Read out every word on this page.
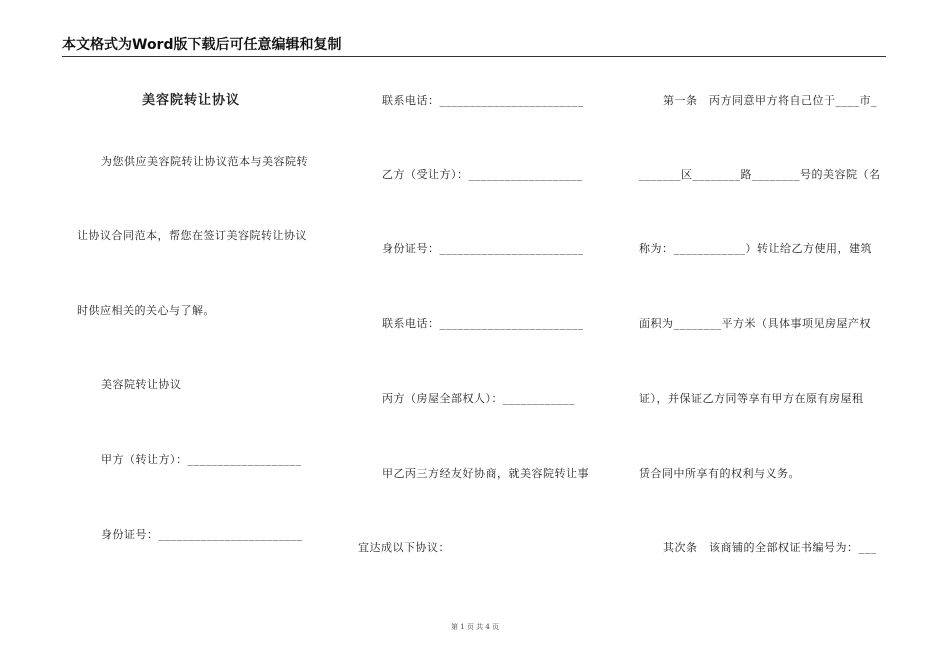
本文格式为Word版下载后可任意编辑和复制
美容院转让协议
为您供应美容院转让协议范本与美容院转
让协议合同范本，帮您在签订美容院转让协议
时供应相关的关心与了解。
美容院转让协议
甲方（转让方）：___________________
身份证号：________________________
联系电话：________________________
乙方（受让方）：___________________
身份证号：________________________
联系电话：________________________
丙方（房屋全部权人）：____________
甲乙丙三方经友好协商，就美容院转让事
宜达成以下协议：
第一条　丙方同意甲方将自己位于____市_
_______区________路________号的美容院（名
称为：____________）转让给乙方使用，建筑
面积为________平方米（具体事项见房屋产权
证），并保证乙方同等享有甲方在原有房屋租
赁合同中所享有的权利与义务。
其次条　该商铺的全部权证书编号为：___
第 1 页 共 4 页
